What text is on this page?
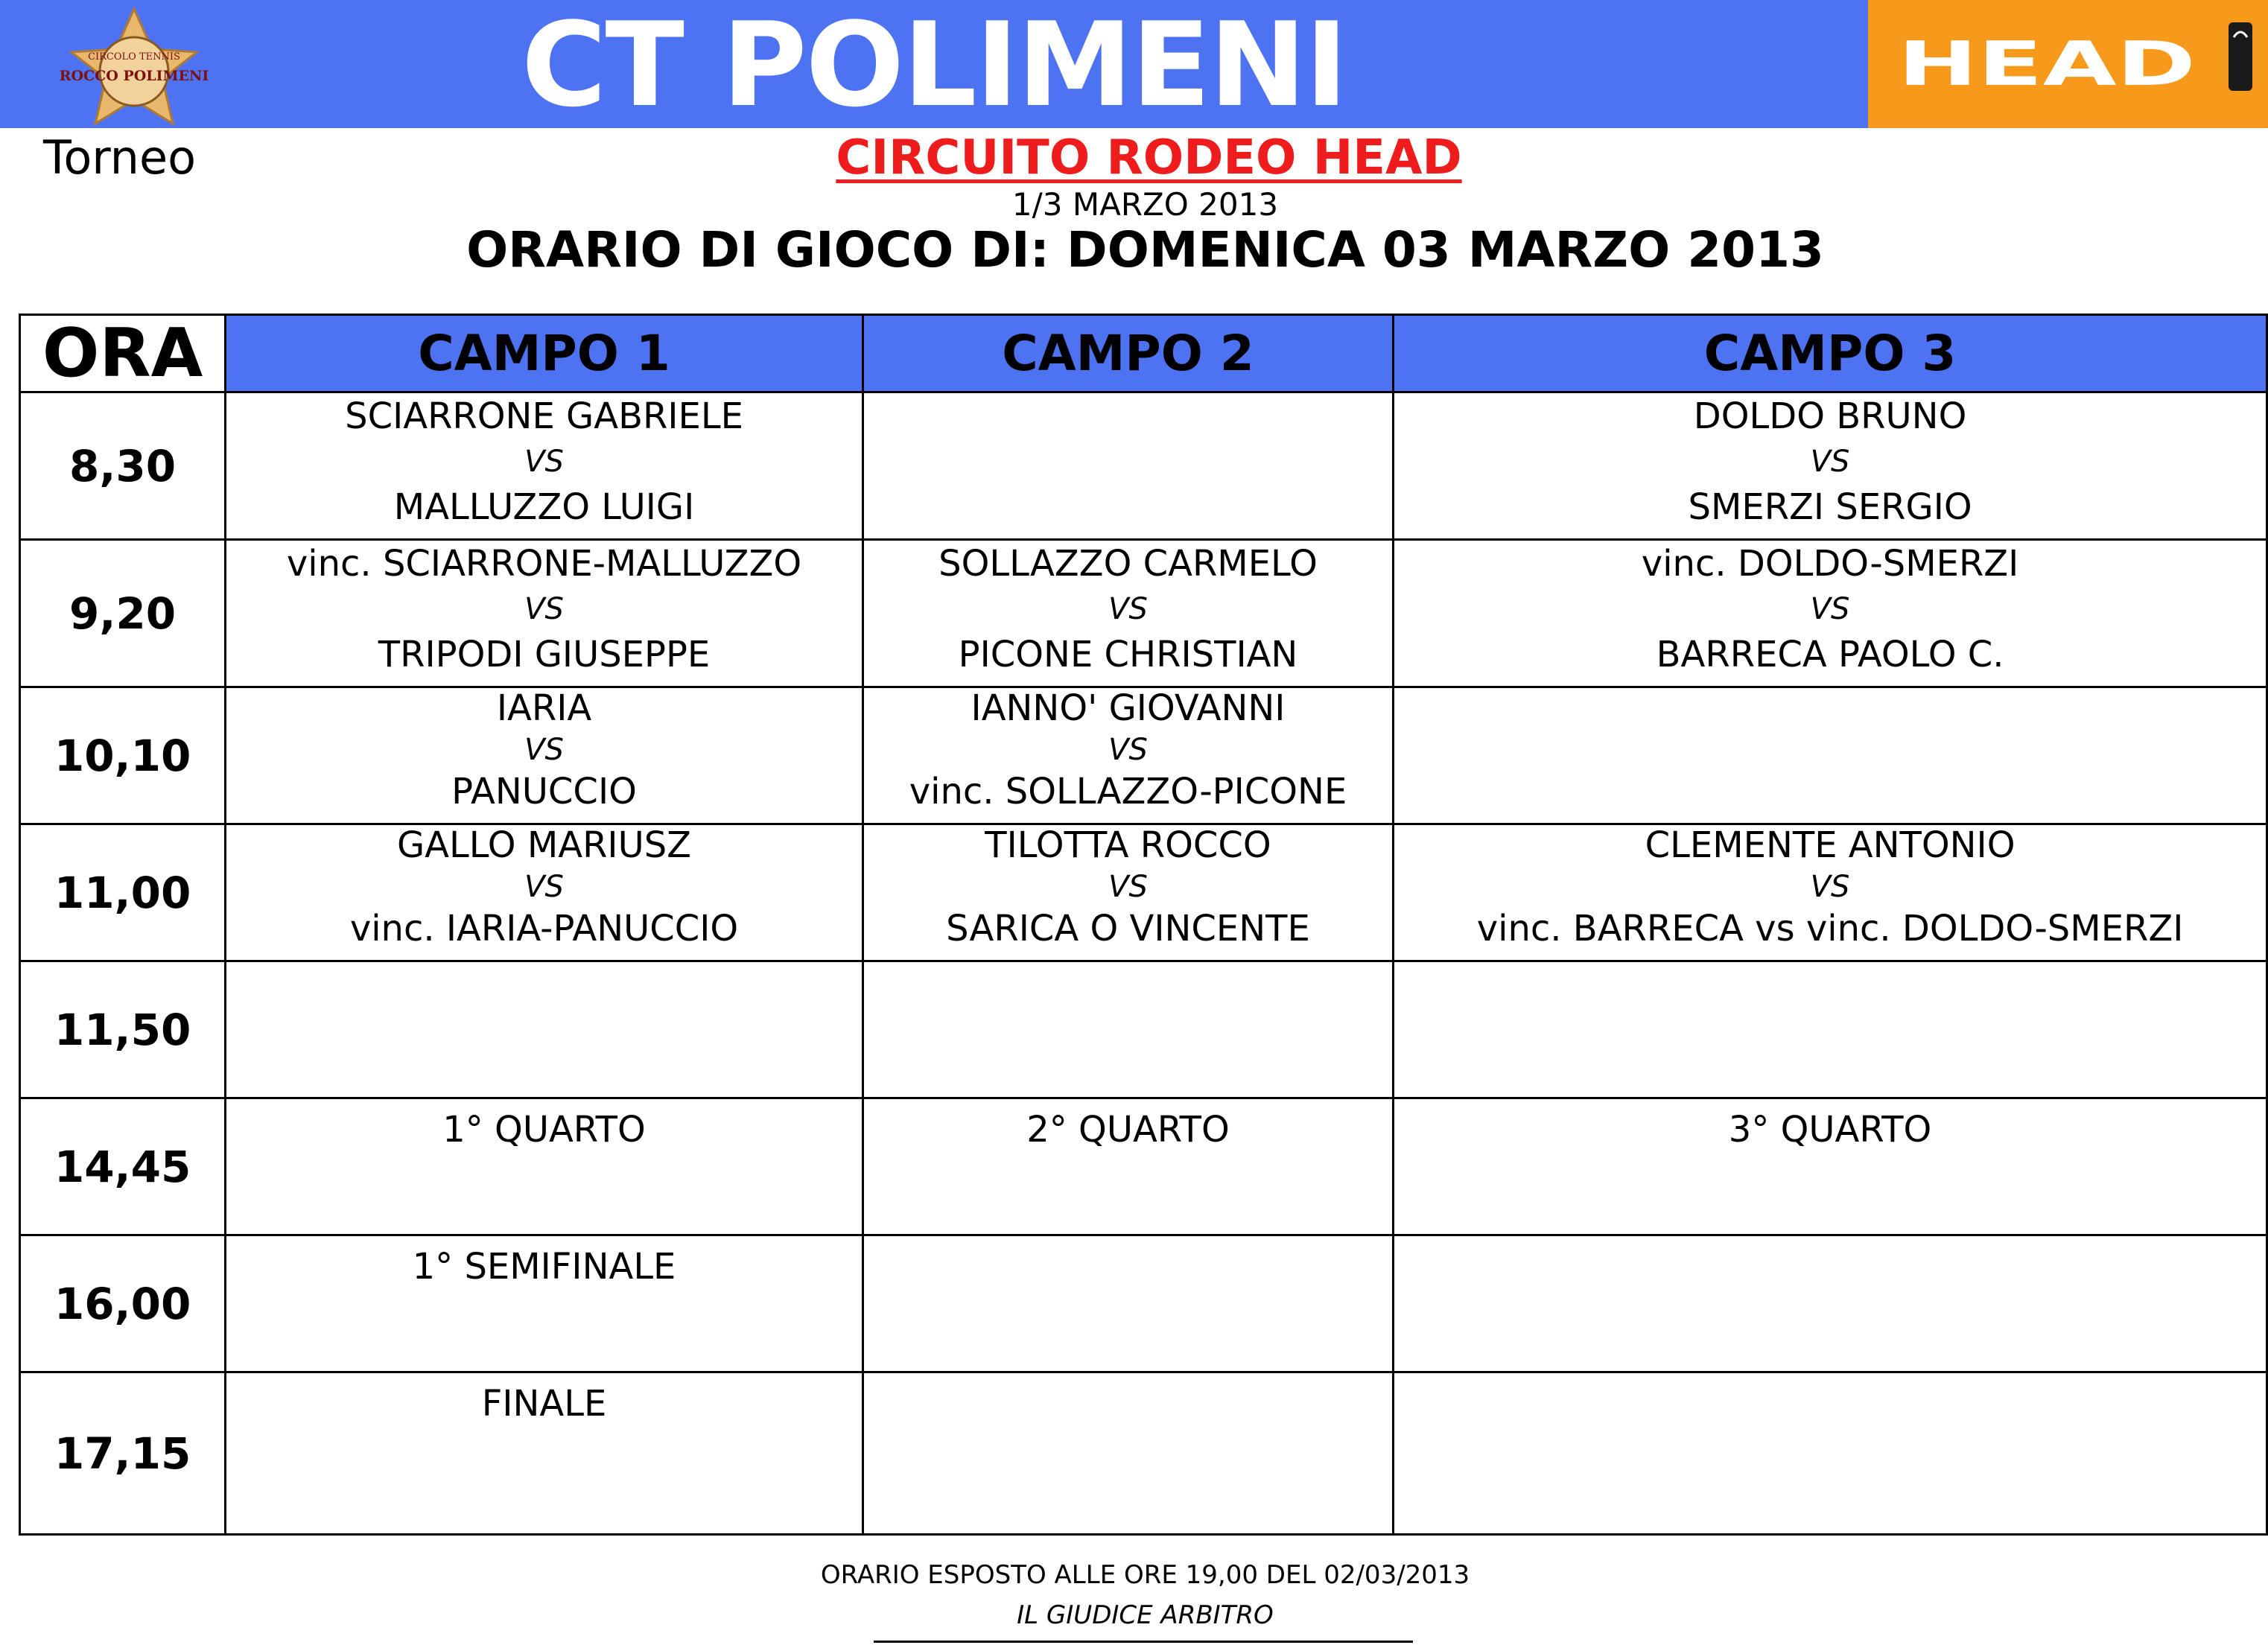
CIRCOLO TENNIS
ROCCO POLIMENI	CT POLIMENI	HEAD
Torneo	CIRCUITO RODEO HEAD
1/3 MARZO 2013
ORARIO DI GIOCO DI: DOMENICA 03 MARZO 2013
ORA	CAMPO 1	CAMPO 2	CAMPO 3
8,30	SCIARRONE GABRIELE
VS
MALLUZZO LUIGI		DOLDO BRUNO
VS
SMERZI SERGIO

9,20	vinc. SCIARRONE-MALLUZZO
VS
TRIPODI GIUSEPPE	SOLLAZZO CARMELO
VS
PICONE CHRISTIAN	vinc. DOLDO-SMERZI
VS
BARRECA PAOLO C.

10,10	IARIA
VS
PANUCCIO	IANNO' GIOVANNI
VS
vinc. SOLLAZZO-PICONE	

11,00	GALLO MARIUSZ
VS
vinc. IARIA-PANUCCIO	TILOTTA ROCCO
VS
SARICA O VINCENTE	CLEMENTE ANTONIO
VS
vinc. BARRECA vs vinc. DOLDO-SMERZI

11,50	

14,45	1° QUARTO	2° QUARTO	3° QUARTO

16,00	1° SEMIFINALE		

17,15	FINALE		

ORARIO ESPOSTO ALLE ORE 19,00 DEL 02/03/2013
IL GIUDICE ARBITRO
